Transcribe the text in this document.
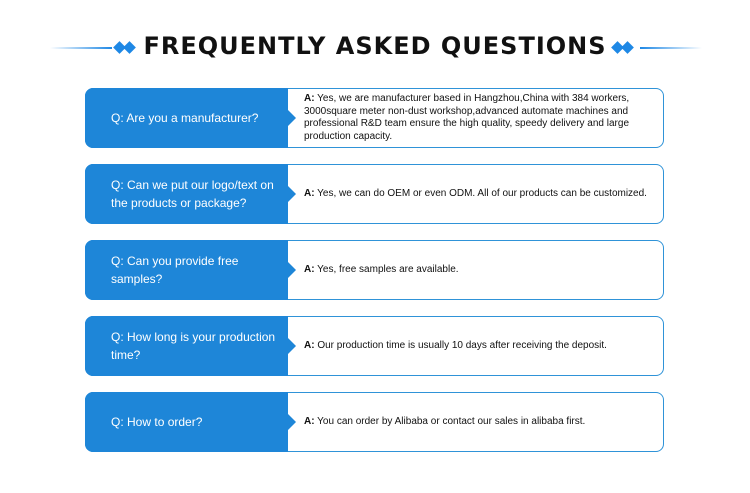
FREQUENTLY ASKED QUESTIONS
Q: Are you a manufacturer?
A: Yes, we are manufacturer based in Hangzhou,China with 384 workers, 3000square meter non-dust workshop,advanced automate machines and professional R&D team ensure the high quality, speedy delivery and large production capacity.
Q: Can we put our logo/text on the products or package?
A: Yes, we can do OEM or even ODM. All of our products can be customized.
Q: Can you provide free samples?
A: Yes, free samples are available.
Q: How long is your production time?
A: Our production time is usually 10 days after receiving the deposit.
Q: How to order?	A: You can order by Alibaba or contact our sales in alibaba first.
